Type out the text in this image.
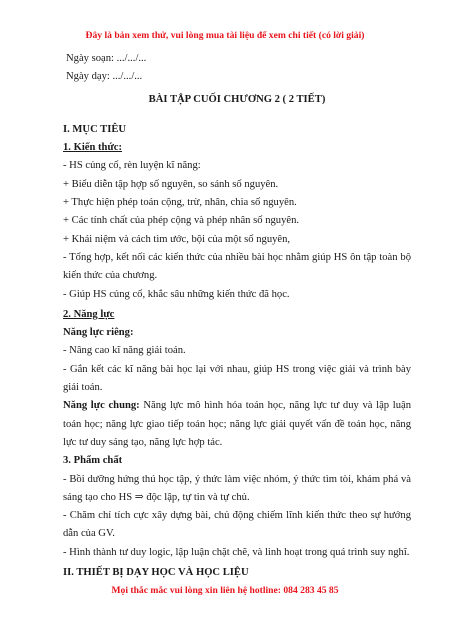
Đây là bản xem thử, vui lòng mua tài liệu để xem chi tiết (có lời giải)

Ngày soạn: .../.../...

Ngày dạy: .../.../...

BÀI TẬP CUỐI CHƯƠNG 2 ( 2 TIẾT)

I. MỤC TIÊU

1. Kiến thức:

- HS củng cố, rèn luyện kĩ năng:

+ Biểu diễn tập hợp số nguyên, so sánh số nguyên.

+ Thực hiện phép toán cộng, trừ, nhân, chia số nguyên.

+ Các tính chất của phép cộng và phép nhân số nguyên.

+ Khái niệm và cách tìm ước, bội của một số nguyên,

- Tổng hợp, kết nối các kiến thức của nhiều bài học nhằm giúp HS ôn tập toàn bộ kiến thức của chương.

- Giúp HS củng cố, khắc sâu những kiến thức đã học.

2. Năng lực

Năng lực riêng:

- Nâng cao kĩ năng giải toán.

- Gắn kết các kĩ năng bài học lại với nhau, giúp HS trong việc giải và trình bày giải toán.

Năng lực chung: Năng lực mô hình hóa toán học, năng lực tư duy và lập luận toán học; năng lực giao tiếp toán học; năng lực giải quyết vấn đề toán học, năng lực tư duy sáng tạo, năng lực hợp tác.

3. Phẩm chất

- Bồi dưỡng hứng thú học tập, ý thức làm việc nhóm, ý thức tìm tòi, khám phá và sáng tạo cho HS ⇒ độc lập, tự tin và tự chủ.

- Chăm chỉ tích cực xây dựng bài, chủ động chiếm lĩnh kiến thức theo sự hướng dẫn của GV.

- Hình thành tư duy logic, lập luận chặt chẽ, và linh hoạt trong quá trình suy nghĩ.

II. THIẾT BỊ DẠY HỌC VÀ HỌC LIỆU

Mọi thắc mắc vui lòng xin liên hệ hotline: 084 283 45 85
